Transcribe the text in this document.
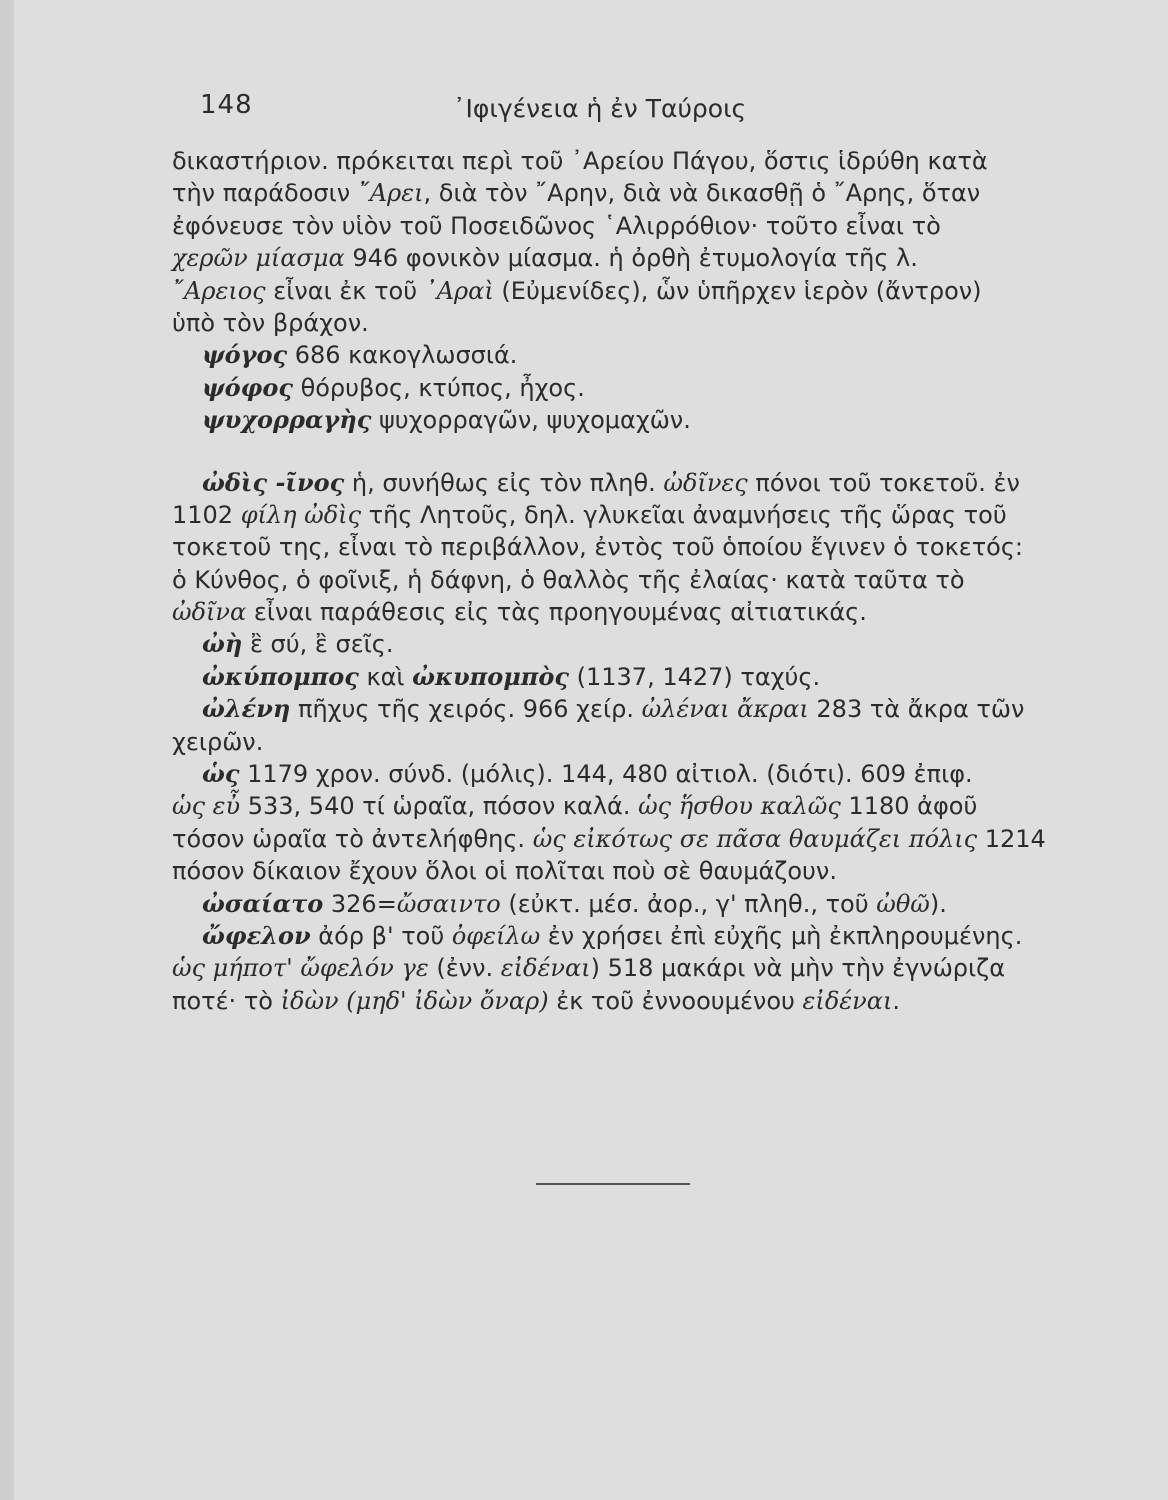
148	᾿Ιφιγένεια ἡ ἐν Ταύροις
δικαστήριον. πρόκειται περὶ τοῦ ᾿Αρείου Πάγου, ὅστις ἱδρύθη κατὰ
τὴν παράδοσιν ῎Αρει, διὰ τὸν ῎Αρην, διὰ νὰ δικασθῇ ὁ ῎Αρης, ὅταν
ἐφόνευσε τὸν υἱὸν τοῦ Ποσειδῶνος ῾Αλιρρόθιον· τοῦτο εἶναι τὸ
χερῶν μίασμα 946 φονικὸν μίασμα. ἡ ὀρθὴ ἐτυμολογία τῆς λ.
῎Αρειος εἶναι ἐκ τοῦ ᾿Αραὶ (Εὐμενίδες), ὧν ὑπῆρχεν ἱερὸν (ἄντρον)
ὑπὸ τὸν βράχον.
ψόγος 686 κακογλωσσιά.
ψόφος θόρυβος, κτύπος, ἦχος.
ψυχορραγὴς ψυχορραγῶν, ψυχομαχῶν.
ὠδὶς -ῖνος ἡ, συνήθως εἰς τὸν πληθ. ὠδῖνες πόνοι τοῦ τοκετοῦ. ἐν
1102 φίλη ὠδὶς τῆς Λητοῦς, δηλ. γλυκεῖαι ἀναμνήσεις τῆς ὥρας τοῦ
τοκετοῦ της, εἶναι τὸ περιβάλλον, ἐντὸς τοῦ ὁποίου ἔγινεν ὁ τοκετός:
ὁ Κύνθος, ὁ φοῖνιξ, ἡ δάφνη, ὁ θαλλὸς τῆς ἐλαίας· κατὰ ταῦτα τὸ
ὠδῖνα εἶναι παράθεσις εἰς τὰς προηγουμένας αἰτιατικάς.
ὠὴ ἒ σύ, ἒ σεῖς.
ὠκύπομπος καὶ ὠκυπομπὸς (1137, 1427) ταχύς.
ὠλένη πῆχυς τῆς χειρός. 966 χείρ. ὠλέναι ἄκραι 283 τὰ ἄκρα τῶν
χειρῶν.
ὡς 1179 χρον. σύνδ. (μόλις). 144, 480 αἰτιολ. (διότι). 609 ἐπιφ.
ὡς εὖ 533, 540 τί ὡραῖα, πόσον καλά. ὡς ἥσθου καλῶς 1180 ἀφοῦ
τόσον ὡραῖα τὸ ἀντελήφθης. ὡς εἰκότως σε πᾶσα θαυμάζει πόλις 1214
πόσον δίκαιον ἔχουν ὅλοι οἱ πολῖται ποὺ σὲ θαυμάζουν.
ὠσαίατο 326=ὤσαιντο (εὐκτ. μέσ. ἀορ., γ' πληθ., τοῦ ὠθῶ).
ὤφελον ἀόρ β' τοῦ ὀφείλω ἐν χρήσει ἐπὶ εὐχῆς μὴ ἐκπληρουμένης.
ὡς μήποτ' ὤφελόν γε (ἐνν. εἰδέναι) 518 μακάρι νὰ μὴν τὴν ἐγνώριζα
ποτέ· τὸ ἰδὼν (μηδ' ἰδὼν ὄναρ) ἐκ τοῦ ἐννοουμένου εἰδέναι.
